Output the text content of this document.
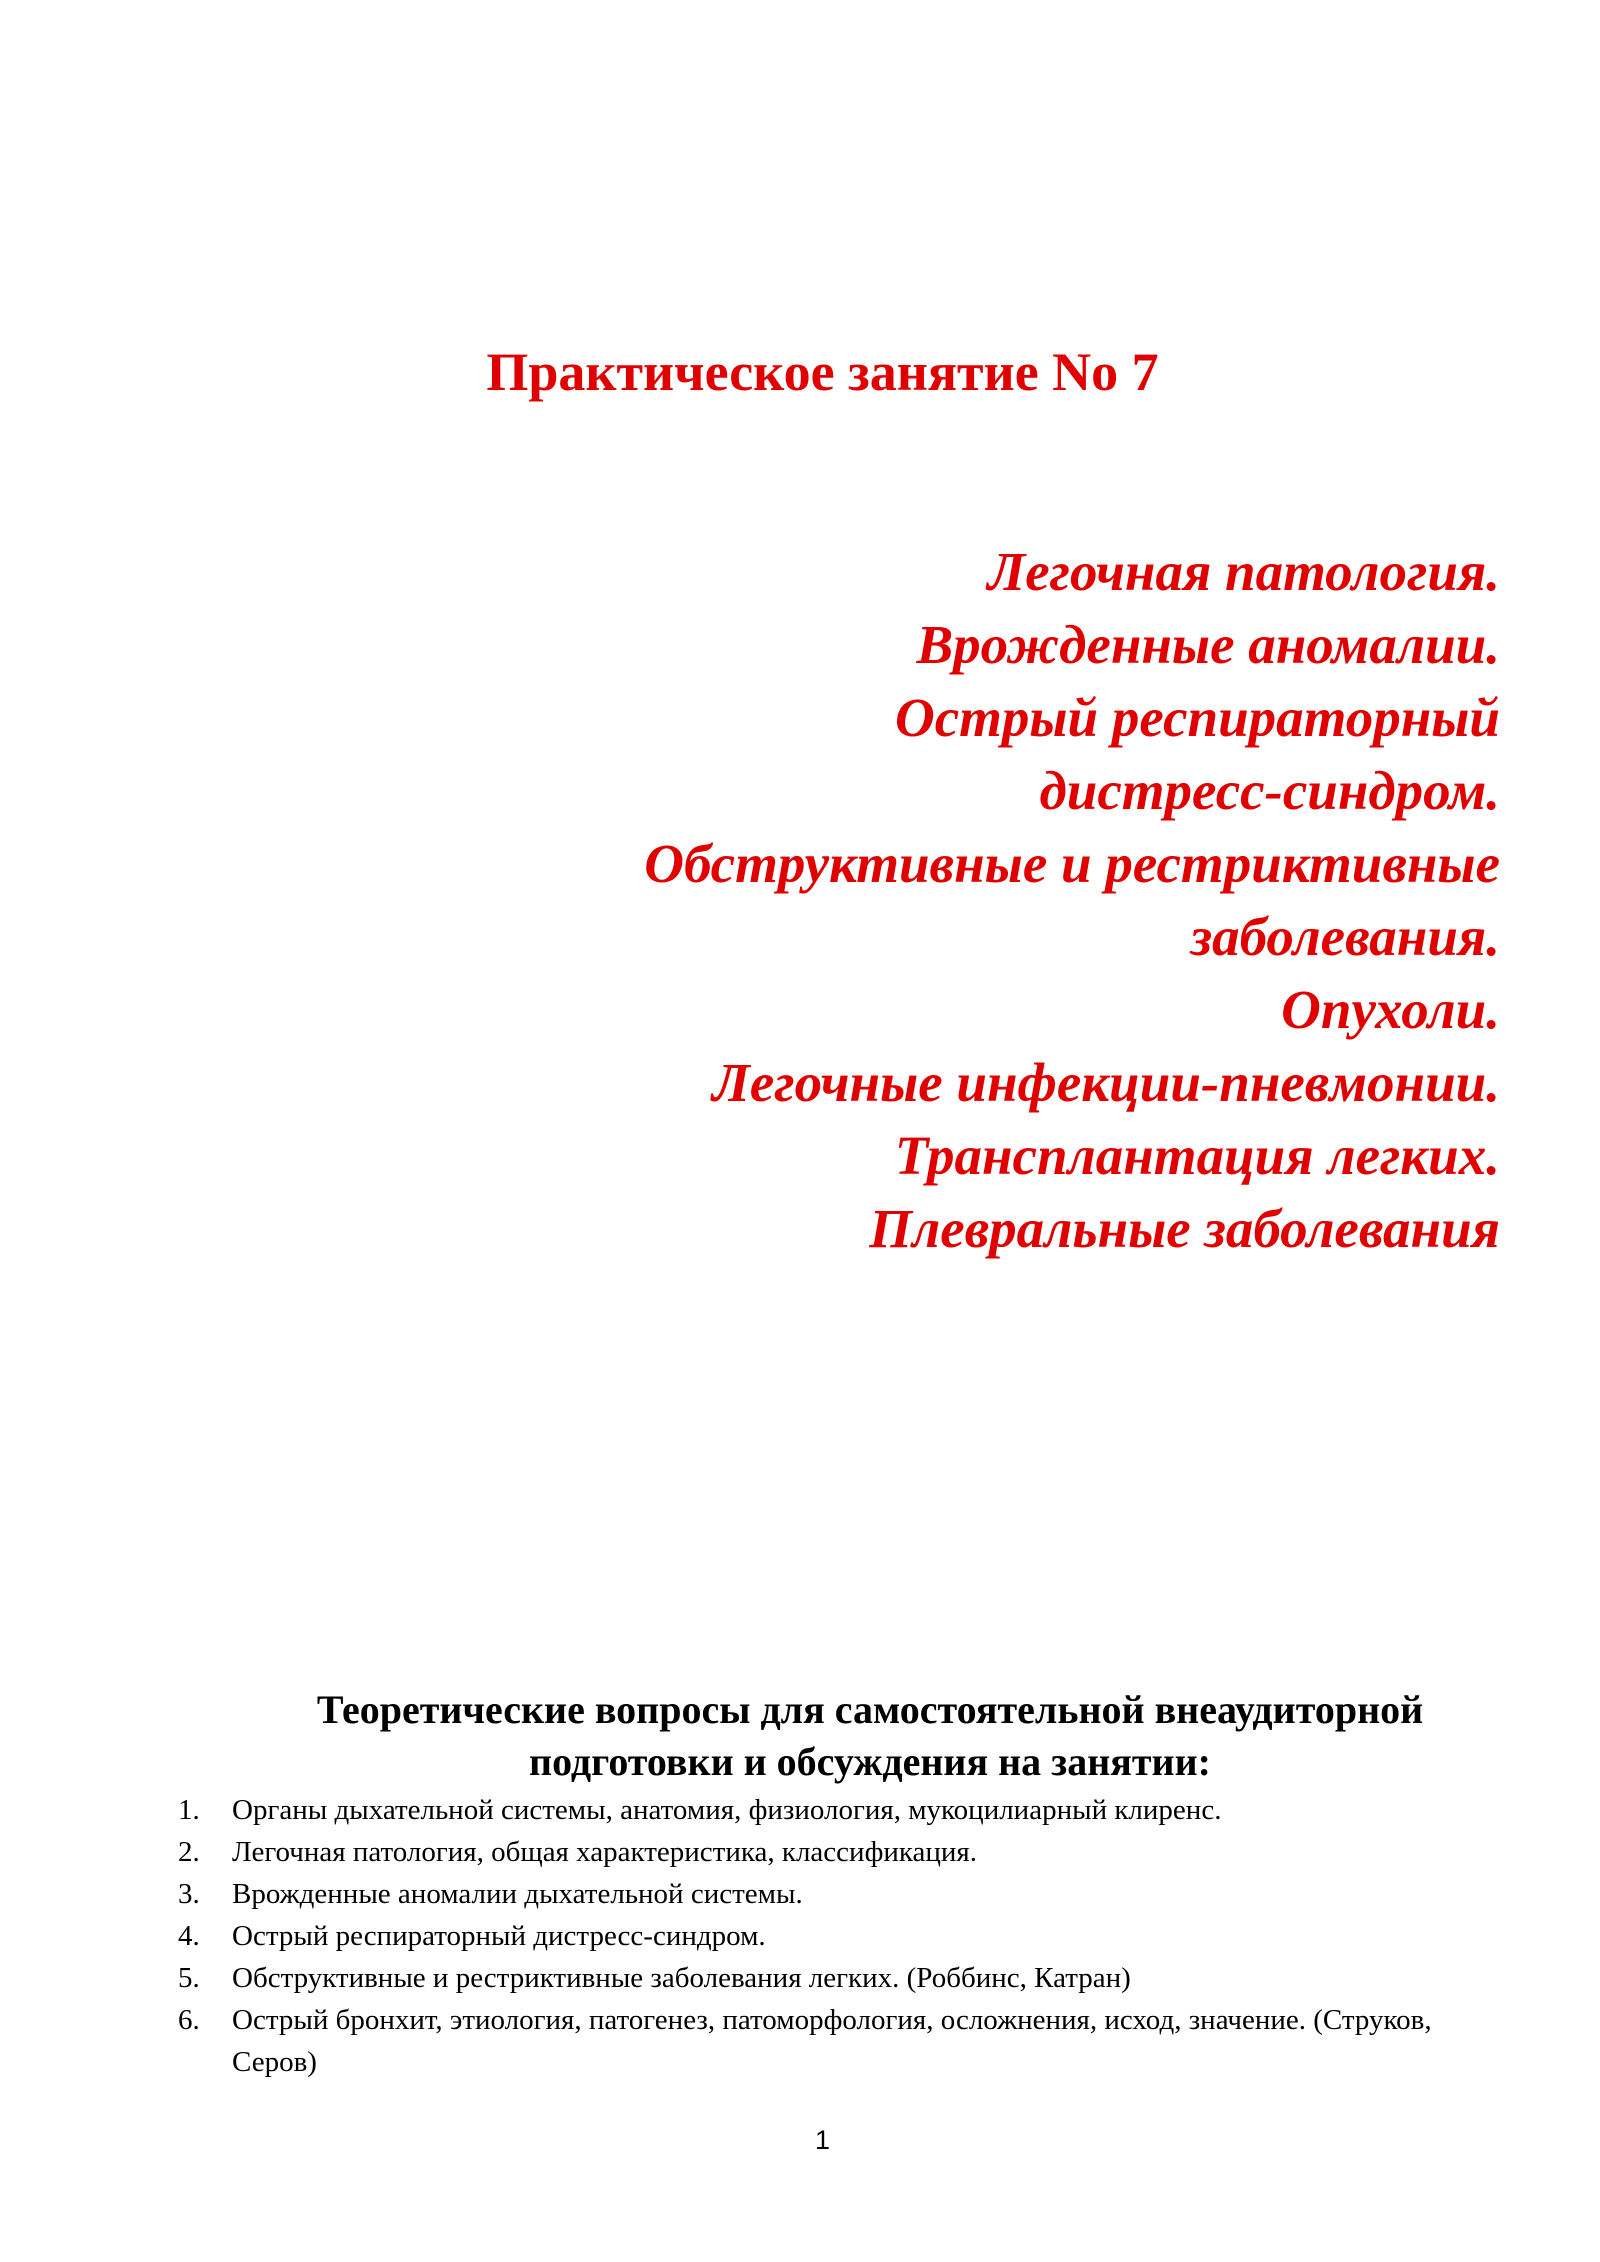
Практическое занятие No 7
Легочная патология.
Врожденные аномалии.
Острый респираторный
дистресс-синдром.
Обструктивные и рестриктивные
заболевания.
Опухоли.
Легочные инфекции-пневмонии.
Трансплантация легких.
Плевральные заболевания
Теоретические вопросы для самостоятельной внеаудиторной подготовки и обсуждения на занятии:
1. Органы дыхательной системы, анатомия, физиология, мукоцилиарный клиренс.
2. Легочная патология, общая характеристика, классификация.
3. Врожденные аномалии дыхательной системы.
4. Острый респираторный дистресс-синдром.
5. Обструктивные и рестриктивные заболевания легких. (Роббинс, Катран)
6. Острый бронхит, этиология, патогенез, патоморфология, осложнения, исход, значение. (Струков, Серов)
1
